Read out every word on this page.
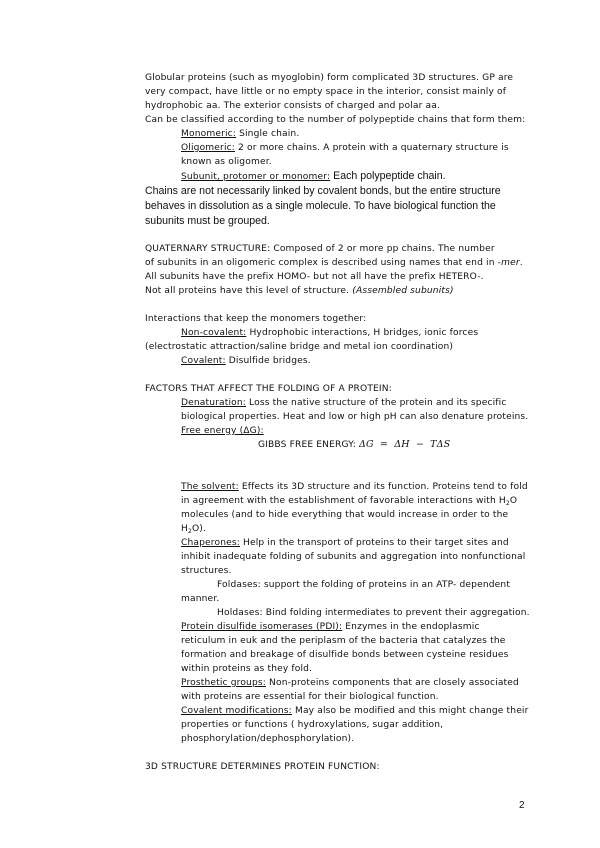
Globular proteins (such as myoglobin) form complicated 3D structures. GP are
very compact, have little or no empty space in the interior, consist mainly of
hydrophobic aa. The exterior consists of charged and polar aa.
Can be classified according to the number of polypeptide chains that form them:
Monomeric: Single chain.
Oligomeric: 2 or more chains. A protein with a quaternary structure is
known as oligomer.
Subunit, protomer or monomer: Each polypeptide chain.
Chains are not necessarily linked by covalent bonds, but the entire structure
behaves in dissolution as a single molecule. To have biological function the
subunits must be grouped.
QUATERNARY STRUCTURE: Composed of 2 or more pp chains. The number
of subunits in an oligomeric complex is described using names that end in -mer.
All subunits have the prefix HOMO- but not all have the prefix HETERO-.
Not all proteins have this level of structure. (Assembled subunits)
Interactions that keep the monomers together:
Non-covalent: Hydrophobic interactions, H bridges, ionic forces
(electrostatic attraction/saline bridge and metal ion coordination)
Covalent: Disulfide bridges.
FACTORS THAT AFFECT THE FOLDING OF A PROTEIN:
Denaturation: Loss the native structure of the protein and its specific
biological properties. Heat and low or high pH can also denature proteins.
Free energy (ΔG):
GIBBS FREE ENERGY: ΔG = ΔH − TΔS
The solvent: Effects its 3D structure and its function. Proteins tend to fold
in agreement with the establishment of favorable interactions with $H_2O$
molecules (and to hide everything that would increase in order to the
$H_2O$).
Chaperones: Help in the transport of proteins to their target sites and
inhibit inadequate folding of subunits and aggregation into nonfunctional
structures.
Foldases: support the folding of proteins in an ATP- dependent
manner.
Holdases: Bind folding intermediates to prevent their aggregation.
Protein disulfide isomerases (PDI): Enzymes in the endoplasmic
reticulum in euk and the periplasm of the bacteria that catalyzes the
formation and breakage of disulfide bonds between cysteine residues
within proteins as they fold.
Prosthetic groups: Non-proteins components that are closely associated
with proteins are essential for their biological function.
Covalent modifications: May also be modified and this might change their
properties or functions ( hydroxylations, sugar addition,
phosphorylation/dephosphorylation).
3D STRUCTURE DETERMINES PROTEIN FUNCTION:
2
